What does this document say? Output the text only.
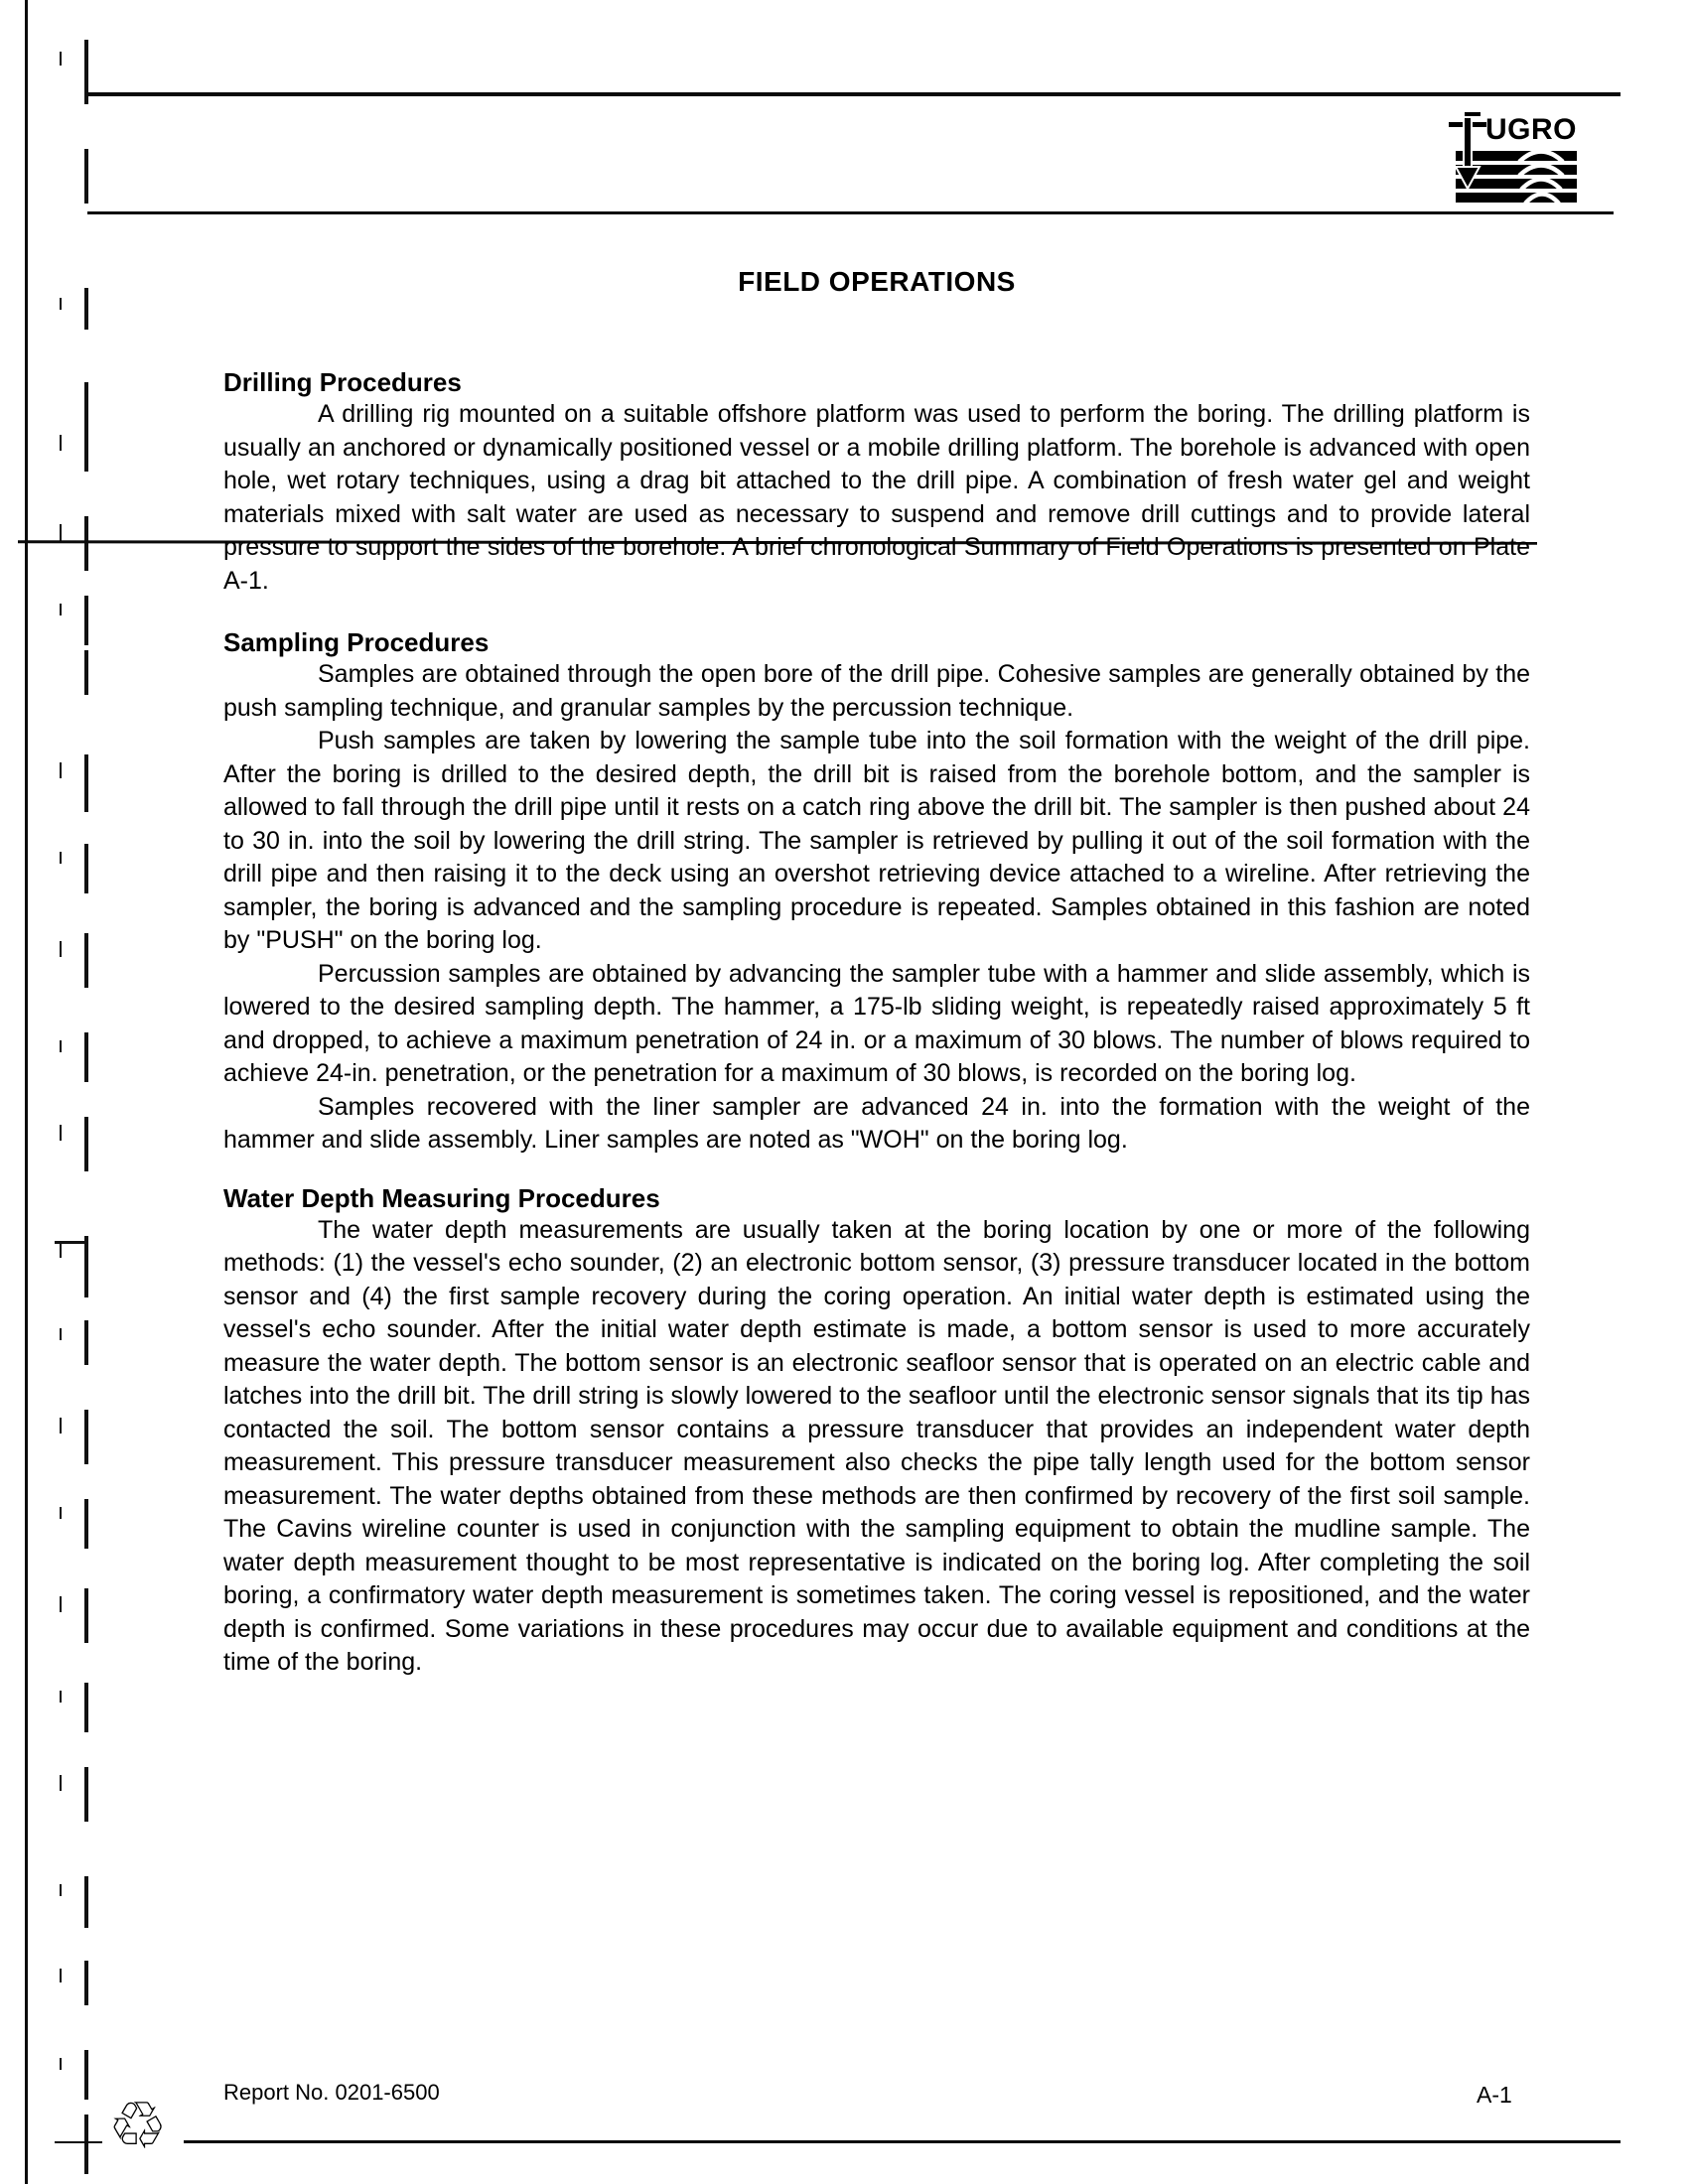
UGRO
FIELD OPERATIONS
Drilling Procedures

A drilling rig mounted on a suitable offshore platform was used to perform the boring. The drilling platform is usually an anchored or dynamically positioned vessel or a mobile drilling platform. The borehole is advanced with open hole, wet rotary techniques, using a drag bit attached to the drill pipe. A combination of fresh water gel and weight materials mixed with salt water are used as necessary to suspend and remove drill cuttings and to provide lateral pressure to support the sides of the borehole. A brief chronological Summary of Field Operations is presented on Plate A-1.

Sampling Procedures

Samples are obtained through the open bore of the drill pipe. Cohesive samples are generally obtained by the push sampling technique, and granular samples by the percussion technique.

Push samples are taken by lowering the sample tube into the soil formation with the weight of the drill pipe. After the boring is drilled to the desired depth, the drill bit is raised from the borehole bottom, and the sampler is allowed to fall through the drill pipe until it rests on a catch ring above the drill bit. The sampler is then pushed about 24 to 30 in. into the soil by lowering the drill string. The sampler is retrieved by pulling it out of the soil formation with the drill pipe and then raising it to the deck using an overshot retrieving device attached to a wireline. After retrieving the sampler, the boring is advanced and the sampling procedure is repeated. Samples obtained in this fashion are noted by "PUSH" on the boring log.

Percussion samples are obtained by advancing the sampler tube with a hammer and slide assembly, which is lowered to the desired sampling depth. The hammer, a 175-lb sliding weight, is repeatedly raised approximately 5 ft and dropped, to achieve a maximum penetration of 24 in. or a maximum of 30 blows. The number of blows required to achieve 24-in. penetration, or the penetration for a maximum of 30 blows, is recorded on the boring log.

Samples recovered with the liner sampler are advanced 24 in. into the formation with the weight of the hammer and slide assembly. Liner samples are noted as "WOH" on the boring log.

Water Depth Measuring Procedures

The water depth measurements are usually taken at the boring location by one or more of the following methods: (1) the vessel's echo sounder, (2) an electronic bottom sensor, (3) pressure transducer located in the bottom sensor and (4) the first sample recovery during the coring operation. An initial water depth is estimated using the vessel's echo sounder. After the initial water depth estimate is made, a bottom sensor is used to more accurately measure the water depth. The bottom sensor is an electronic seafloor sensor that is operated on an electric cable and latches into the drill bit. The drill string is slowly lowered to the seafloor until the electronic sensor signals that its tip has contacted the soil. The bottom sensor contains a pressure transducer that provides an independent water depth measurement. This pressure transducer measurement also checks the pipe tally length used for the bottom sensor measurement. The water depths obtained from these methods are then confirmed by recovery of the first soil sample. The Cavins wireline counter is used in conjunction with the sampling equipment to obtain the mudline sample. The water depth measurement thought to be most representative is indicated on the boring log. After completing the soil boring, a confirmatory water depth measurement is sometimes taken. The coring vessel is repositioned, and the water depth is confirmed. Some variations in these procedures may occur due to available equipment and conditions at the time of the boring.

♲	Report No. 0201-6500	A-1
